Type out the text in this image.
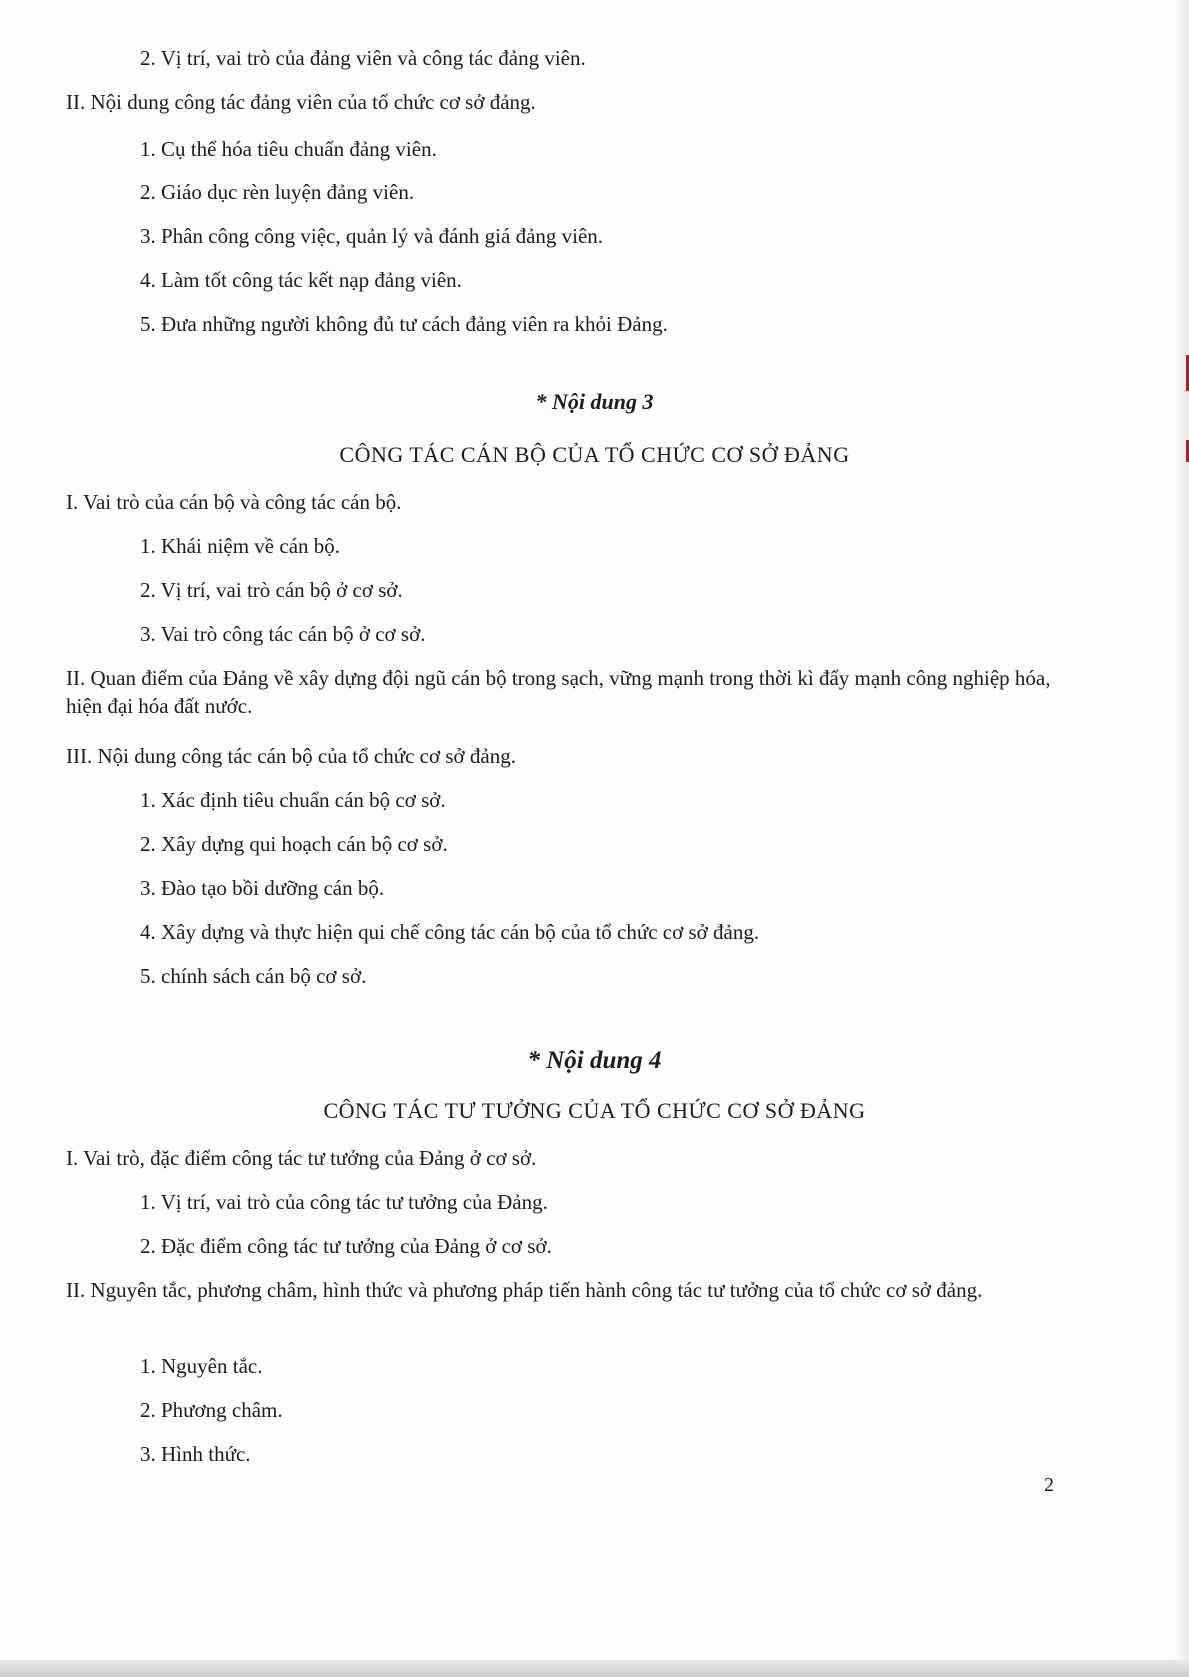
2. Vị trí, vai trò của đảng viên và công tác đảng viên.
II. Nội dung công tác đảng viên của tổ chức cơ sở đảng.
1. Cụ thể hóa tiêu chuẩn đảng viên.
2. Giáo dục rèn luyện đảng viên.
3. Phân công công việc, quản lý và đánh giá đảng viên.
4. Làm tốt công tác kết nạp đảng viên.
5. Đưa những người không đủ tư cách đảng viên ra khỏi Đảng.
* Nội dung 3
CÔNG TÁC CÁN BỘ CỦA TỔ CHỨC CƠ SỞ ĐẢNG
I. Vai trò của cán bộ và công tác cán bộ.
1. Khái niệm về cán bộ.
2. Vị trí, vai trò cán bộ ở cơ sở.
3. Vai trò công tác cán bộ ở cơ sở.
II. Quan điểm của Đảng về xây dựng đội ngũ cán bộ trong sạch, vững mạnh trong thời kì đẩy mạnh công nghiệp hóa, hiện đại hóa đất nước.
III. Nội dung công tác cán bộ của tổ chức cơ sở đảng.
1. Xác định tiêu chuẩn cán bộ cơ sở.
2. Xây dựng qui hoạch cán bộ cơ sở.
3. Đào tạo bồi dưỡng cán bộ.
4. Xây dựng và thực hiện qui chế công tác cán bộ của tổ chức cơ sở đảng.
5. chính sách cán bộ cơ sở.
* Nội dung 4
CÔNG TÁC TƯ TƯỞNG CỦA TỔ CHỨC CƠ SỞ ĐẢNG
I. Vai trò, đặc điểm công tác tư tưởng của Đảng ở cơ sở.
1. Vị trí, vai trò của công tác tư tưởng của Đảng.
2. Đặc điểm công tác tư tưởng của Đảng ở cơ sở.
II. Nguyên tắc, phương châm, hình thức và phương pháp tiến hành công tác tư tưởng của tổ chức cơ sở đảng.
1. Nguyên tắc.
2. Phương châm.
3. Hình thức.
2
